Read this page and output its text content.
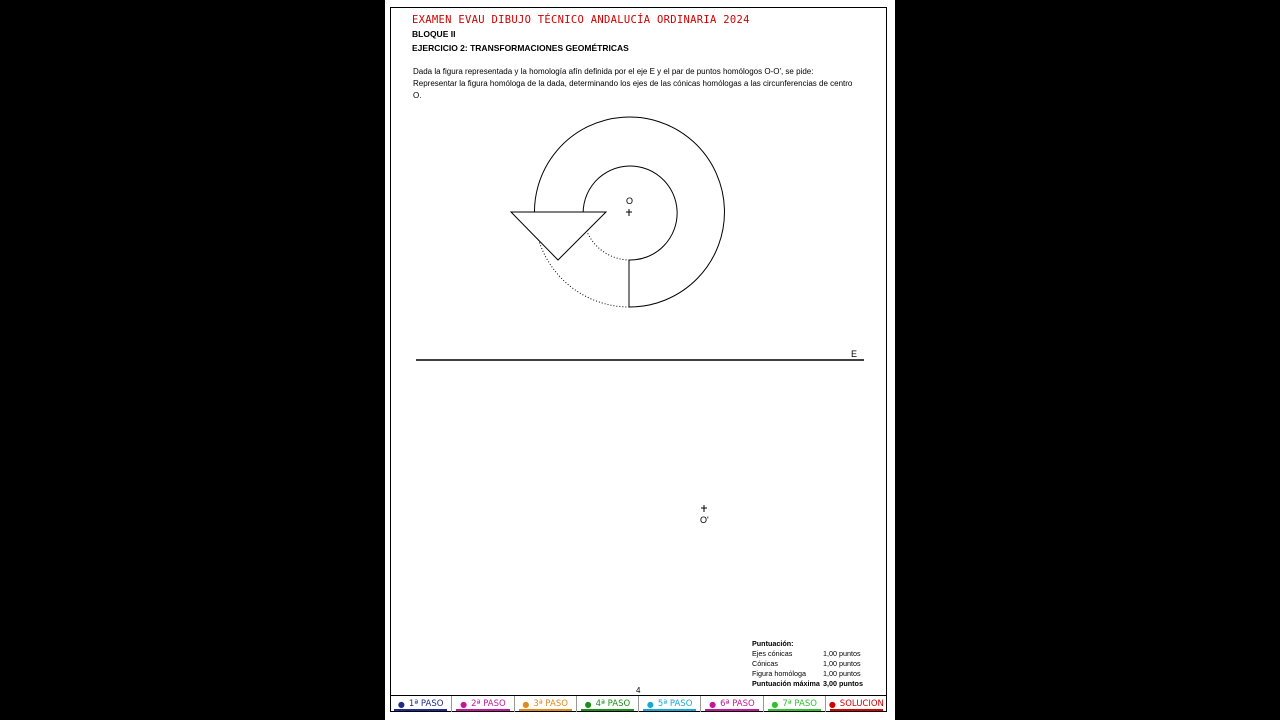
EXAMEN EVAU DIBUJO TÉCNICO ANDALUCÍA ORDINARIA 2024
BLOQUE II
EJERCICIO 2: TRANSFORMACIONES GEOMÉTRICAS
Dada la figura representada y la homología afín definida por el eje E y el par de puntos homólogos O-O', se pide:
Representar la figura homóloga de la dada, determinando los ejes de las cónicas homólogas a las circunferencias de centro
O.
O
O'
E
Puntuación:
Ejes cónicas	1,00 puntos
Cónicas	1,00 puntos
Figura homóloga	1,00 puntos
Puntuación máxima 3,00 puntos
4
● 1ª PASO ● 2ª PASO ● 3ª PASO ● 4ª PASO ● 5ª PASO ● 6ª PASO ● 7ª PASO ● SOLUCION
